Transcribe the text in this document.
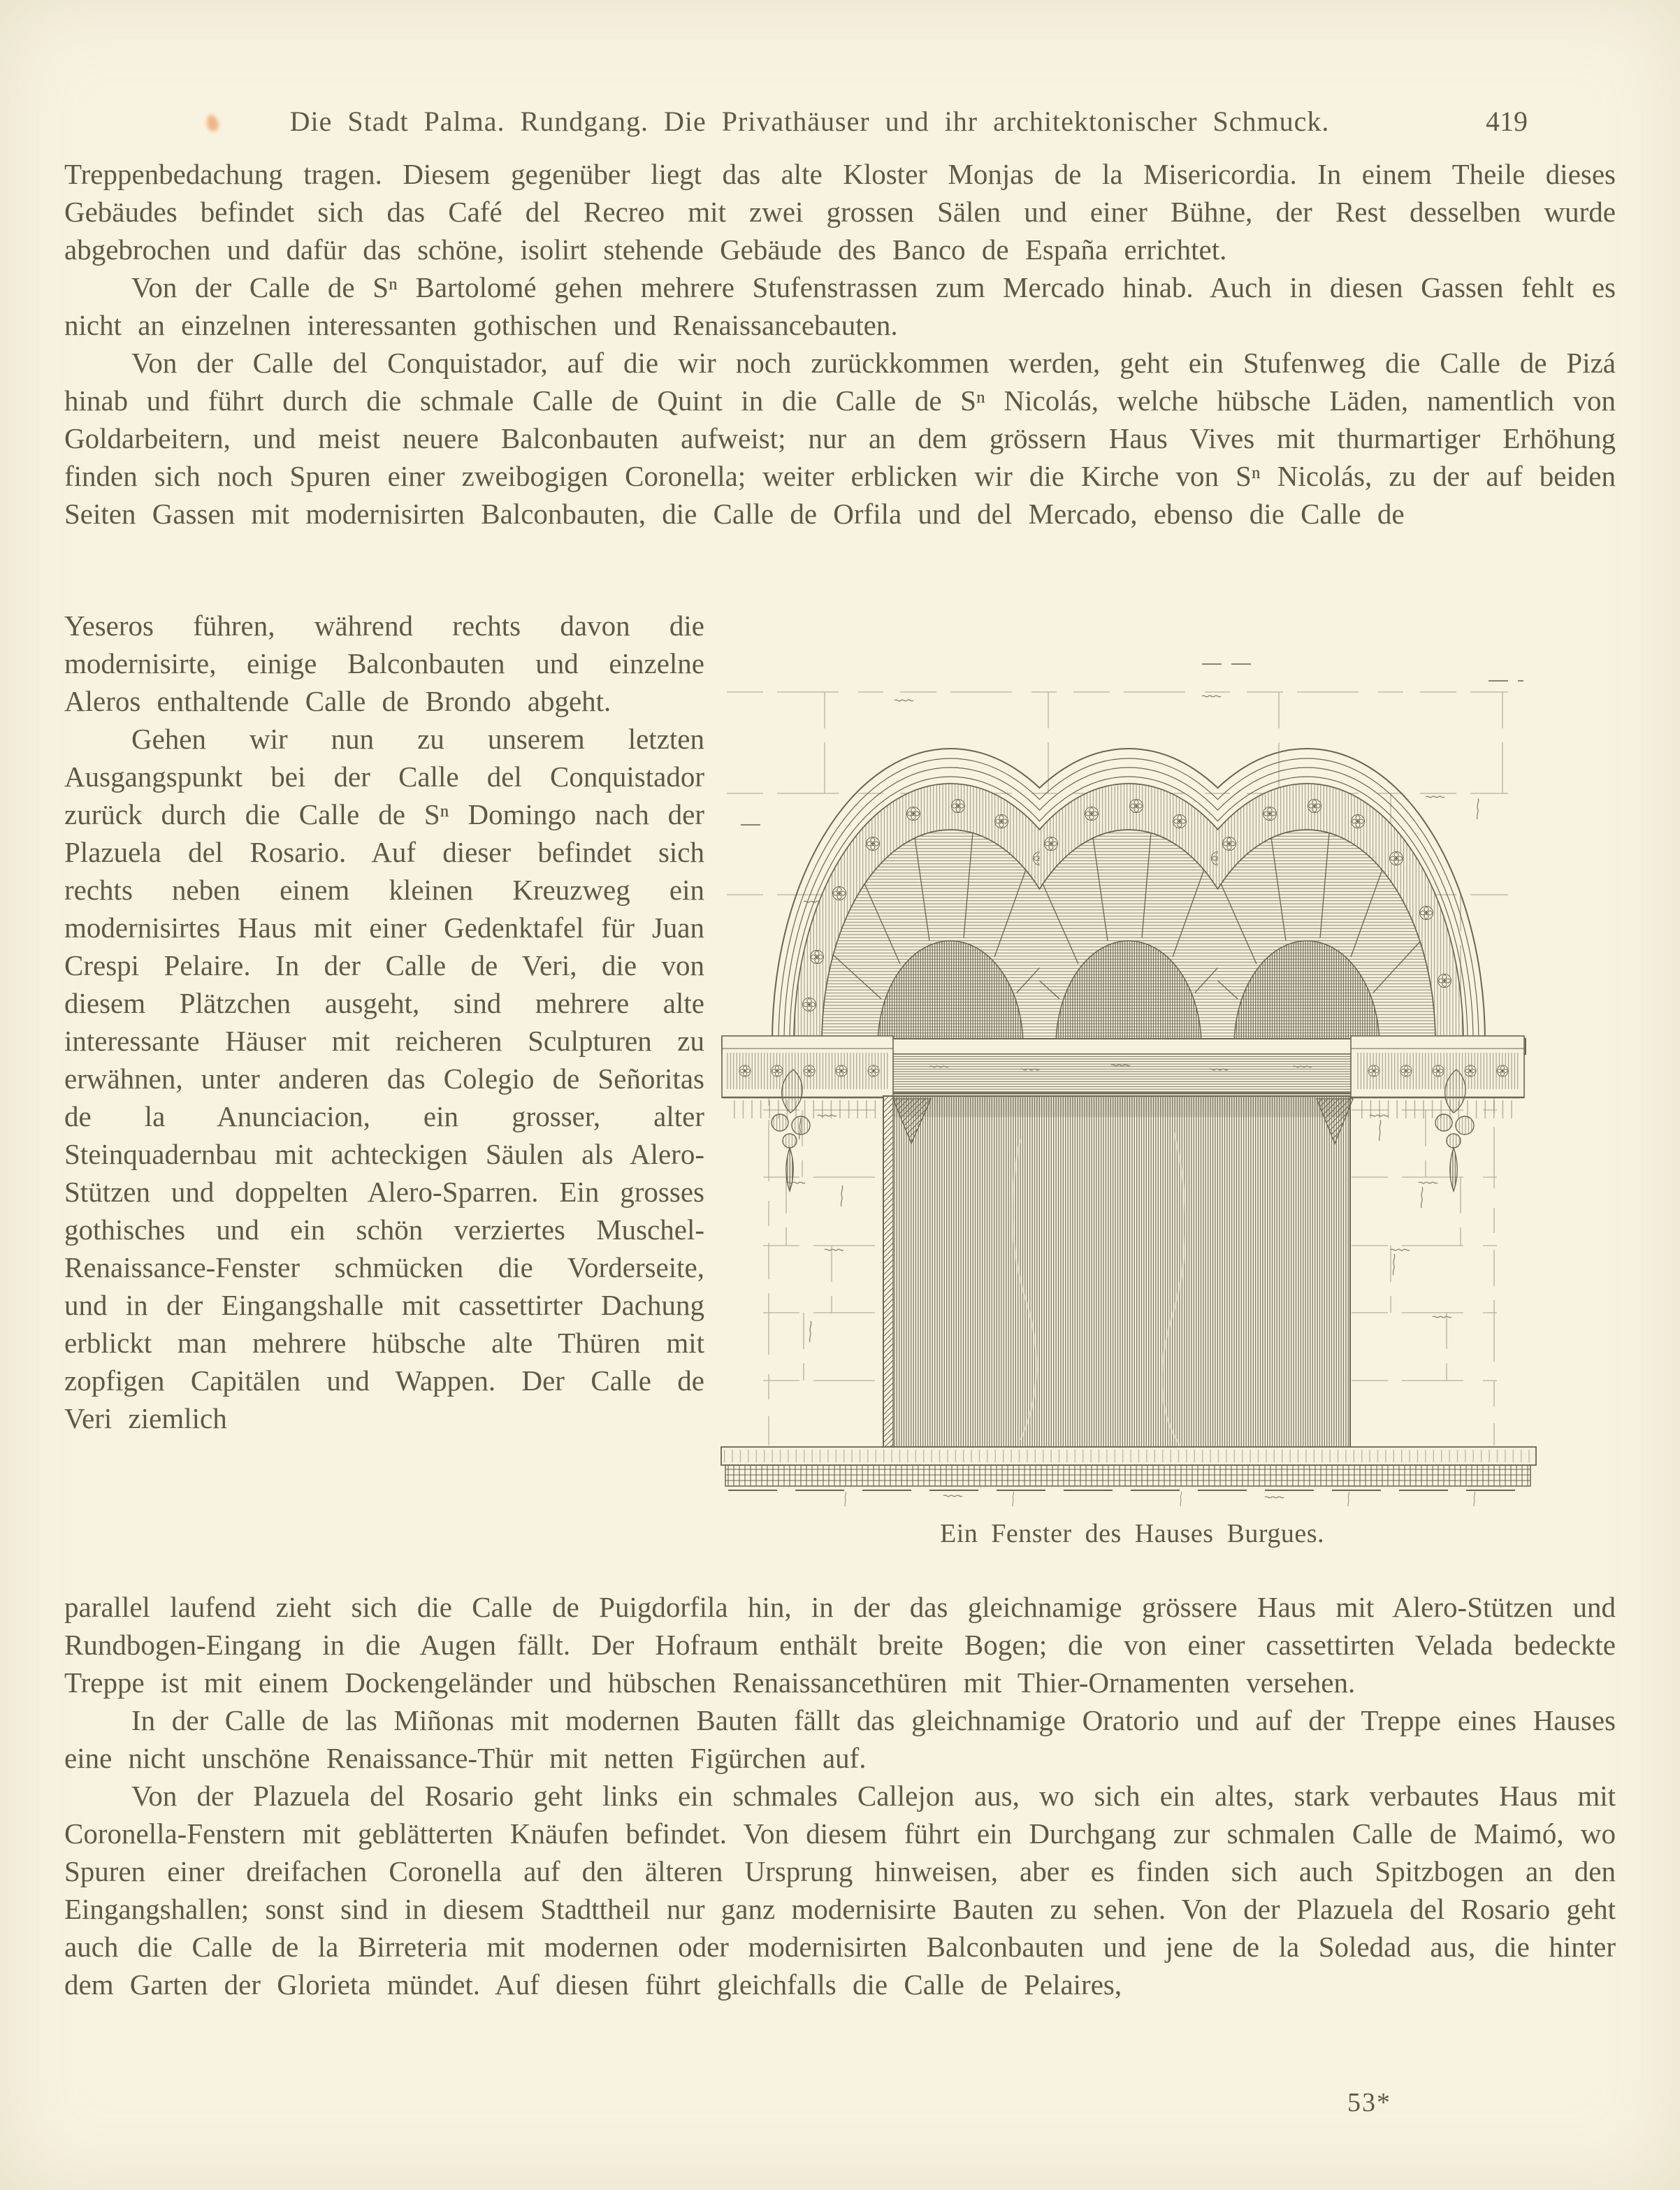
Die Stadt Palma. Rundgang. Die Privathäuser und ihr architektonischer Schmuck.	419

Treppenbedachung tragen. Diesem gegenüber liegt das alte Kloster Monjas de la Misericordia. In einem Theile dieses Gebäudes befindet sich das Café del Recreo mit zwei grossen Sälen und einer Bühne, der Rest desselben wurde abgebrochen und dafür das schöne, isolirt stehende Gebäude des Banco de España errichtet.

Von der Calle de Sⁿ Bartolomé gehen mehrere Stufenstrassen zum Mercado hinab. Auch in diesen Gassen fehlt es nicht an einzelnen interessanten gothischen und Renaissancebauten.

Von der Calle del Conquistador, auf die wir noch zurückkommen werden, geht ein Stufenweg die Calle de Pizá hinab und führt durch die schmale Calle de Quint in die Calle de Sⁿ Nicolás, welche hübsche Läden, namentlich von Goldarbeitern, und meist neuere Balconbauten aufweist; nur an dem grössern Haus Vives mit thurmartiger Erhöhung finden sich noch Spuren einer zweibogigen Coronella; weiter erblicken wir die Kirche von Sⁿ Nicolás, zu der auf beiden Seiten Gassen mit modernisirten Balconbauten, die Calle de Orfila und del Mercado, ebenso die Calle de

Yeseros führen, während rechts davon die modernisirte, einige Balconbauten und einzelne Aleros enthaltende Calle de Brondo abgeht.

Gehen wir nun zu unserem letzten Ausgangspunkt bei der Calle del Conquistador zurück durch die Calle de Sⁿ Domingo nach der Plazuela del Rosario. Auf dieser befindet sich rechts neben einem kleinen Kreuzweg ein modernisirtes Haus mit einer Gedenktafel für Juan Crespi Pelaire. In der Calle de Veri, die von diesem Plätzchen ausgeht, sind mehrere alte interessante Häuser mit reicheren Sculpturen zu erwähnen, unter anderen das Colegio de Señoritas de la Anunciacion, ein grosser, alter Steinquadernbau mit achteckigen Säulen als Alero-Stützen und doppelten Alero-Sparren. Ein grosses gothisches und ein schön verziertes Muschel-Renaissance-Fenster schmücken die Vorderseite, und in der Eingangshalle mit cassettirter Dachung erblickt man mehrere hübsche alte Thüren mit zopfigen Capitälen und Wappen. Der Calle de Veri ziemlich

Ein Fenster des Hauses Burgues.

parallel laufend zieht sich die Calle de Puigdorfila hin, in der das gleichnamige grössere Haus mit Alero-Stützen und Rundbogen-Eingang in die Augen fällt. Der Hofraum enthält breite Bogen; die von einer cassettirten Velada bedeckte Treppe ist mit einem Dockengeländer und hübschen Renaissancethüren mit Thier-Ornamenten versehen.

In der Calle de las Miñonas mit modernen Bauten fällt das gleichnamige Oratorio und auf der Treppe eines Hauses eine nicht unschöne Renaissance-Thür mit netten Figürchen auf.

Von der Plazuela del Rosario geht links ein schmales Callejon aus, wo sich ein altes, stark verbautes Haus mit Coronella-Fenstern mit geblätterten Knäufen befindet. Von diesem führt ein Durchgang zur schmalen Calle de Maimó, wo Spuren einer dreifachen Coronella auf den älteren Ursprung hinweisen, aber es finden sich auch Spitzbogen an den Eingangshallen; sonst sind in diesem Stadttheil nur ganz modernisirte Bauten zu sehen. Von der Plazuela del Rosario geht auch die Calle de la Birreteria mit modernen oder modernisirten Balconbauten und jene de la Soledad aus, die hinter dem Garten der Glorieta mündet. Auf diesen führt gleichfalls die Calle de Pelaires,

53*
